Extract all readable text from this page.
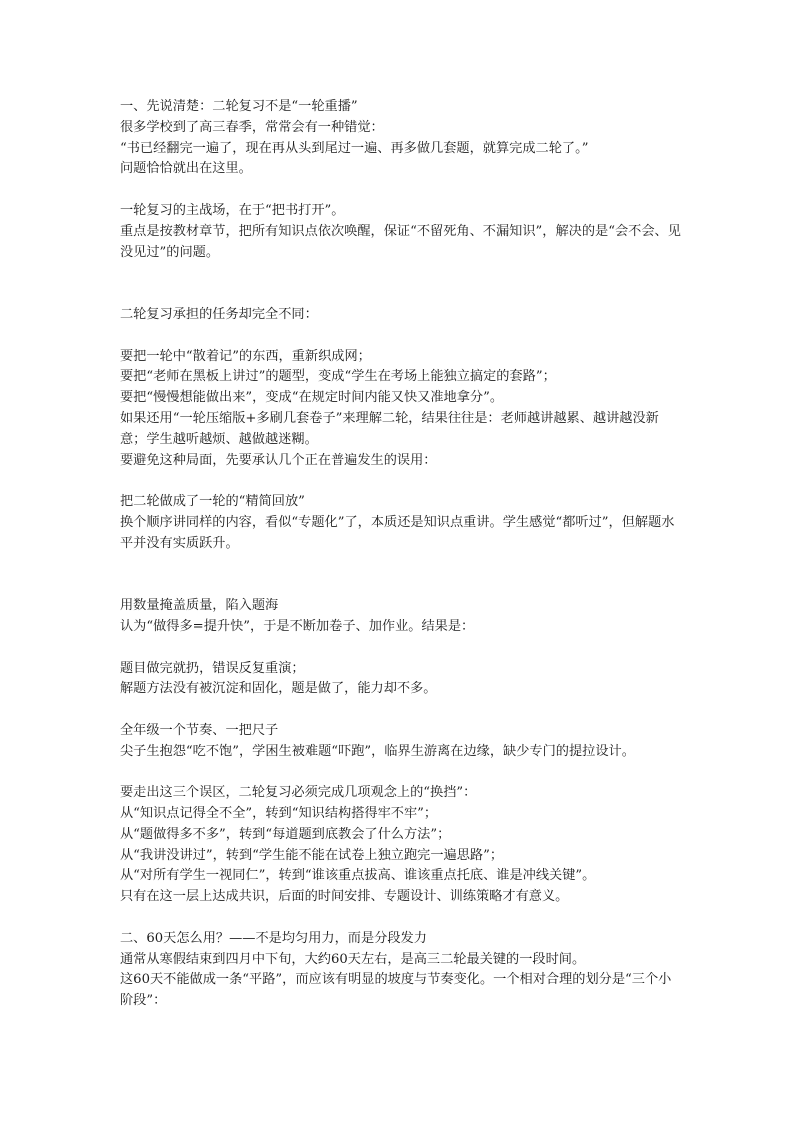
一、先说清楚：二轮复习不是“一轮重播”
很多学校到了高三春季，常常会有一种错觉：
“书已经翻完一遍了，现在再从头到尾过一遍、再多做几套题，就算完成二轮了。”
问题恰恰就出在这里。
一轮复习的主战场，在于“把书打开”。
重点是按教材章节，把所有知识点依次唤醒，保证“不留死角、不漏知识”，解决的是“会不会、见没见过”的问题。
二轮复习承担的任务却完全不同：
要把一轮中“散着记”的东西，重新织成网；
要把“老师在黑板上讲过”的题型，变成“学生在考场上能独立搞定的套路”；
要把“慢慢想能做出来”，变成“在规定时间内能又快又准地拿分”。
如果还用“一轮压缩版+多刷几套卷子”来理解二轮，结果往往是：老师越讲越累、越讲越没新意；学生越听越烦、越做越迷糊。
要避免这种局面，先要承认几个正在普遍发生的误用：
把二轮做成了一轮的“精简回放”
换个顺序讲同样的内容，看似“专题化”了，本质还是知识点重讲。学生感觉“都听过”，但解题水平并没有实质跃升。
用数量掩盖质量，陷入题海
认为“做得多=提升快”，于是不断加卷子、加作业。结果是：
题目做完就扔，错误反复重演；
解题方法没有被沉淀和固化，题是做了，能力却不多。
全年级一个节奏、一把尺子
尖子生抱怨“吃不饱”，学困生被难题“吓跑”，临界生游离在边缘，缺少专门的提拉设计。
要走出这三个误区，二轮复习必须完成几项观念上的“换挡”：
从“知识点记得全不全”，转到“知识结构搭得牢不牢”；
从“题做得多不多”，转到“每道题到底教会了什么方法”；
从“我讲没讲过”，转到“学生能不能在试卷上独立跑完一遍思路”；
从“对所有学生一视同仁”，转到“谁该重点拔高、谁该重点托底、谁是冲线关键”。
只有在这一层上达成共识，后面的时间安排、专题设计、训练策略才有意义。
二、60天怎么用？——不是均匀用力，而是分段发力
通常从寒假结束到四月中下旬，大约60天左右，是高三二轮最关键的一段时间。
这60天不能做成一条“平路”，而应该有明显的坡度与节奏变化。一个相对合理的划分是“三个小阶段”：
